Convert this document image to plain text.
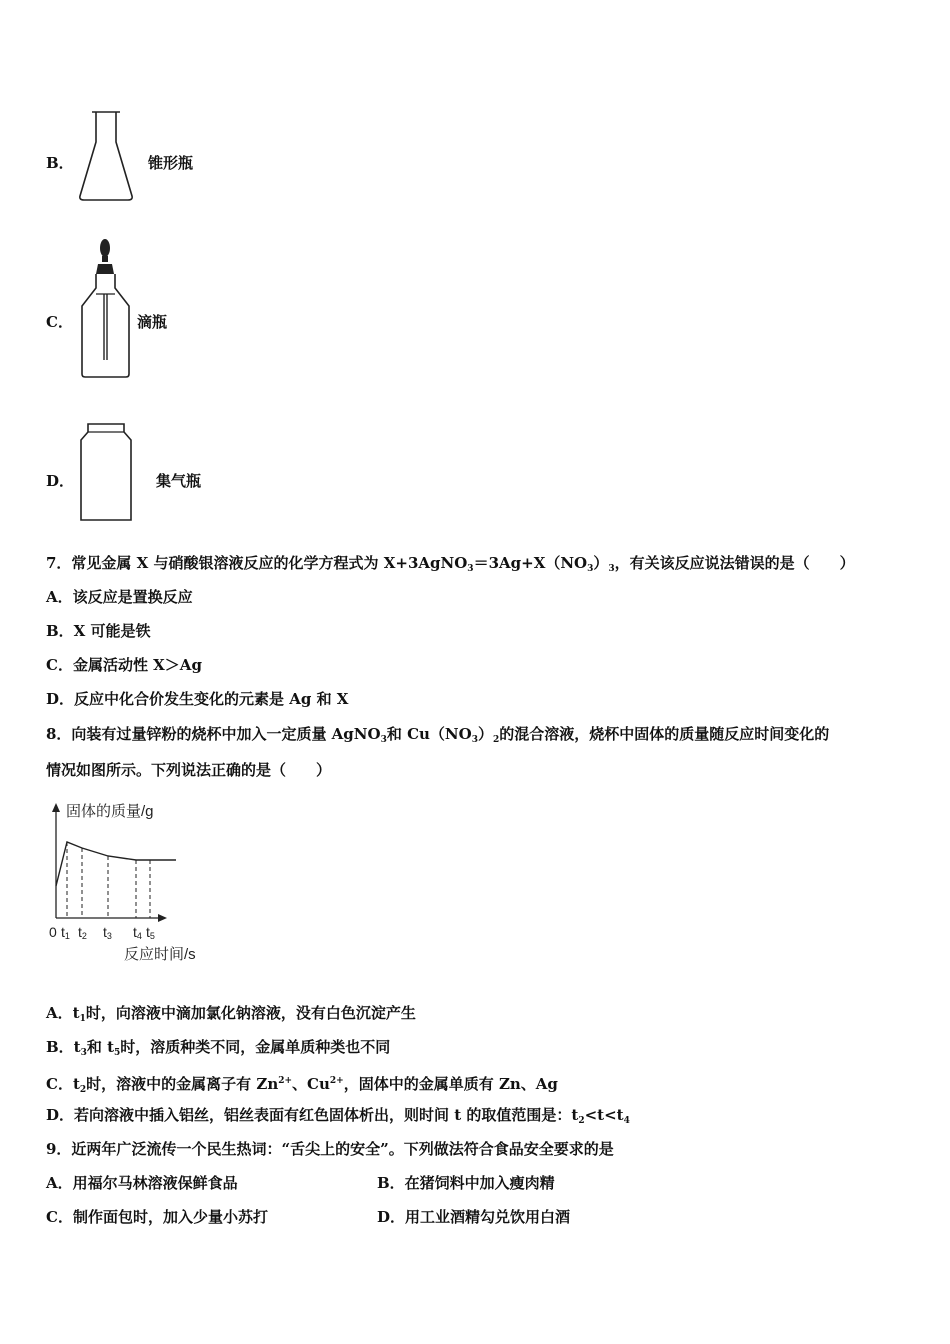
B．	锥形瓶
C．	滴瓶
D．	集气瓶
7．常见金属 X 与硝酸银溶液反应的化学方程式为 $X+3AgNO_3=3Ag+X(NO_3)_3$，有关该反应说法错误的是（　　）
A．该反应是置换反应
B．X 可能是铁
C．金属活动性 X＞Ag
D．反应中化合价发生变化的元素是 Ag 和 X
8．向装有过量锌粉的烧杯中加入一定质量 AgNO$_3$和 $Cu(NO_3)_2$的混合溶液，烧杯中固体的质量随反应时间变化的
情况如图所示。下列说法正确的是（　　）
固体的质量/g
反应时间/s
0 t1 t2 t3 t4 t5
A．$t_1$时，向溶液中滴加氯化钠溶液，没有白色沉淀产生
B．$t_3$和 $t_5$时，溶质种类不同，金属单质种类也不同
C．$t_2$时，溶液中的金属离子有 $Zn^{2+}$、$Cu^{2+}$，固体中的金属单质有 Zn、Ag
D．若向溶液中插入铝丝，铝丝表面有红色固体析出，则时间 t 的取值范围是：$t_2<t<t_4$
9．近两年广泛流传一个民生热词：“舌尖上的安全”。下列做法符合食品安全要求的是
A．用福尔马林溶液保鲜食品	B．在猪饲料中加入瘦肉精
C．制作面包时，加入少量小苏打	D．用工业酒精勾兑饮用白酒
